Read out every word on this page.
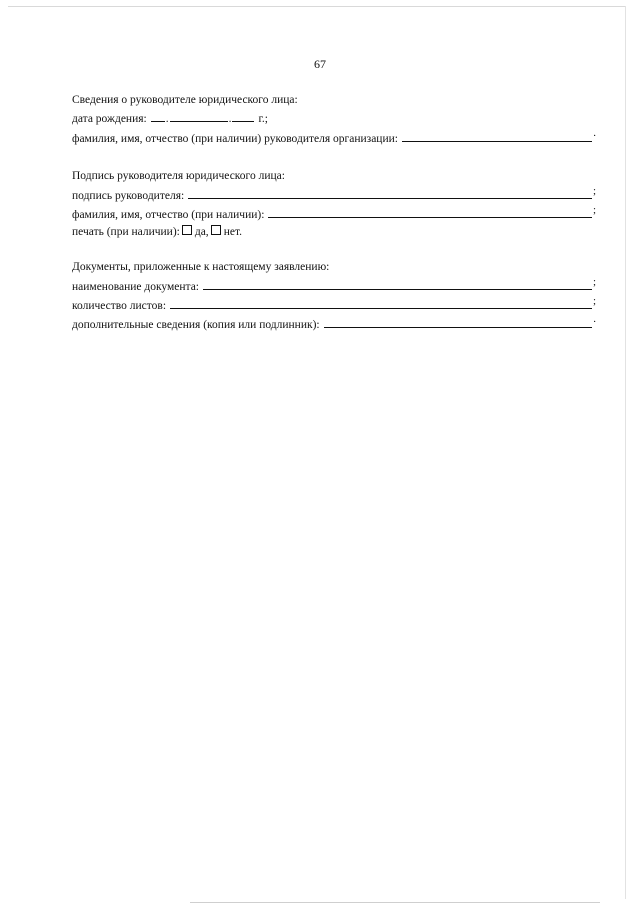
67
Сведения о руководителе юридического лица:
дата рождения:	.	.	г.;
фамилия, имя, отчество (при наличии) руководителя организации:	.
Подпись руководителя юридического лица:
подпись руководителя:	;
фамилия, имя, отчество (при наличии):	;
печать (при наличии): да, нет.
Документы, приложенные к настоящему заявлению:
наименование документа:	;
количество листов:	;
дополнительные сведения (копия или подлинник):	.
